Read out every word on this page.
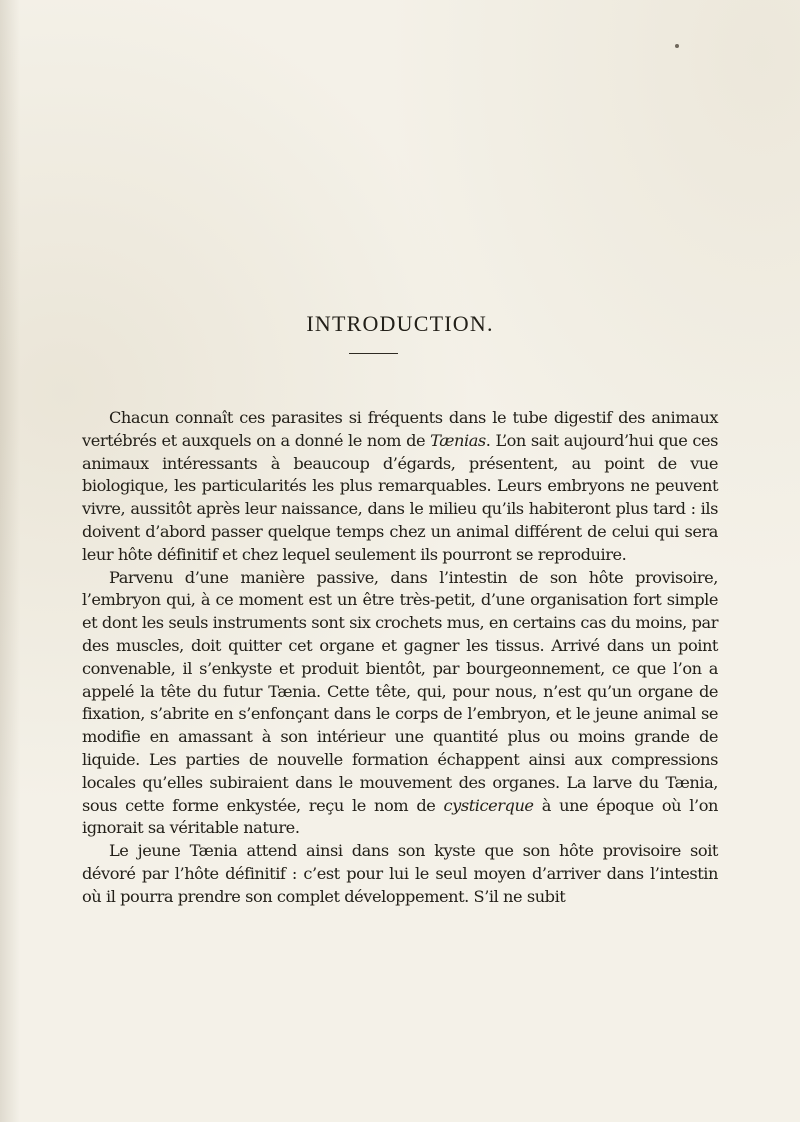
INTRODUCTION.

Chacun connaît ces parasites si fréquents dans le tube digestif des animaux vertébrés et auxquels on a donné le nom de Tænias. L’on sait aujourd’hui que ces animaux intéressants à beaucoup d’égards, présentent, au point de vue biologique, les particularités les plus remarquables. Leurs embryons ne peuvent vivre, aussitôt après leur naissance, dans le milieu qu’ils habiteront plus tard : ils doivent d’abord passer quelque temps chez un animal différent de celui qui sera leur hôte définitif et chez lequel seulement ils pourront se reproduire.

Parvenu d’une manière passive, dans l’intestin de son hôte provisoire, l’embryon qui, à ce moment est un être très-petit, d’une organisation fort simple et dont les seuls instruments sont six crochets mus, en certains cas du moins, par des muscles, doit quitter cet organe et gagner les tissus. Arrivé dans un point convenable, il s’enkyste et produit bientôt, par bourgeonnement, ce que l’on a appelé la tête du futur Tænia. Cette tête, qui, pour nous, n’est qu’un organe de fixation, s’abrite en s’enfonçant dans le corps de l’embryon, et le jeune animal se modifie en amassant à son intérieur une quantité plus ou moins grande de liquide. Les parties de nouvelle formation échappent ainsi aux compressions locales qu’elles subiraient dans le mouvement des organes. La larve du Tænia, sous cette forme enkystée, reçu le nom de cysticerque à une époque où l’on ignorait sa véritable nature.

Le jeune Tænia attend ainsi dans son kyste que son hôte provisoire soit dévoré par l’hôte définitif : c’est pour lui le seul moyen d’arriver dans l’intestin où il pourra prendre son complet développement. S’il ne subit
